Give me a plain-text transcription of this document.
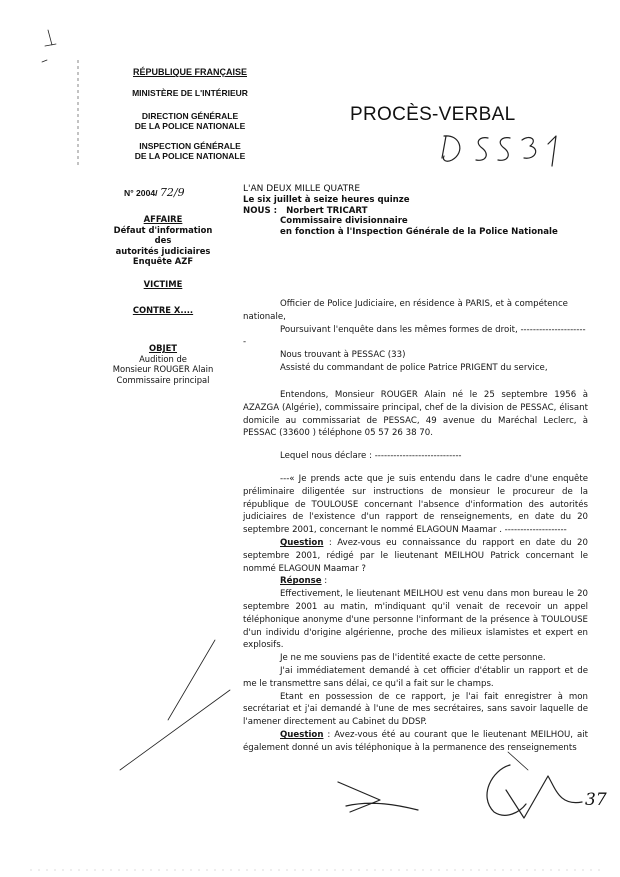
RÉPUBLIQUE FRANÇAISE
MINISTÈRE DE L'INTÉRIEUR
DIRECTION GÉNÉRALE
DE LA POLICE NATIONALE
INSPECTION GÉNÉRALE
DE LA POLICE NATIONALE
PROCÈS-VERBAL
N° 2004/ 72/9
AFFAIRE
Défaut d'information des
autorités judiciaires
Enquête AZF
VICTIME
CONTRE X....
OBJET
Audition de
Monsieur ROUGER Alain
Commissaire principal
L'AN DEUX MILLE QUATRE
Le six juillet à seize heures quinze
NOUS : Norbert TRICART
Commissaire divisionnaire
en fonction à l'Inspection Générale de la Police Nationale

Officier de Police Judiciaire, en résidence à PARIS, et à compétence nationale,

Poursuivant l'enquête dans les mêmes formes de droit, ----------------------

Nous trouvant à PESSAC (33)

Assisté du commandant de police Patrice PRIGENT du service,

Entendons, Monsieur ROUGER Alain né le 25 septembre 1956 à AZAZGA (Algérie), commissaire principal, chef de la division de PESSAC, élisant domicile au commissariat de PESSAC, 49 avenue du Maréchal Leclerc, à PESSAC (33600 ) téléphone 05 57 26 38 70.

Lequel nous déclare : ----------------------------

---« Je prends acte que je suis entendu dans le cadre d'une enquête préliminaire diligentée sur instructions de monsieur le procureur de la république de TOULOUSE concernant l'absence d'information des autorités judiciaires de l'existence d'un rapport de renseignements, en date du 20 septembre 2001, concernant le nommé ELAGOUN Maamar . --------------------

Question : Avez-vous eu connaissance du rapport en date du 20 septembre 2001, rédigé par le lieutenant MEILHOU Patrick concernant le nommé ELAGOUN Maamar ?

Réponse :

Effectivement, le lieutenant MEILHOU est venu dans mon bureau le 20 septembre 2001 au matin, m'indiquant qu'il venait de recevoir un appel téléphonique anonyme d'une personne l'informant de la présence à TOULOUSE d'un individu d'origine algérienne, proche des milieux islamistes et expert en explosifs.

Je ne me souviens pas de l'identité exacte de cette personne.

J'ai immédiatement demandé à cet officier d'établir un rapport et de me le transmettre sans délai, ce qu'il a fait sur le champs.

Etant en possession de ce rapport, je l'ai fait enregistrer à mon secrétariat et j'ai demandé à l'une de mes secrétaires, sans savoir laquelle de l'amener directement au Cabinet du DDSP.

Question : Avez-vous été au courant que le lieutenant MEILHOU, ait également donné un avis téléphonique à la permanence des renseignements

37
